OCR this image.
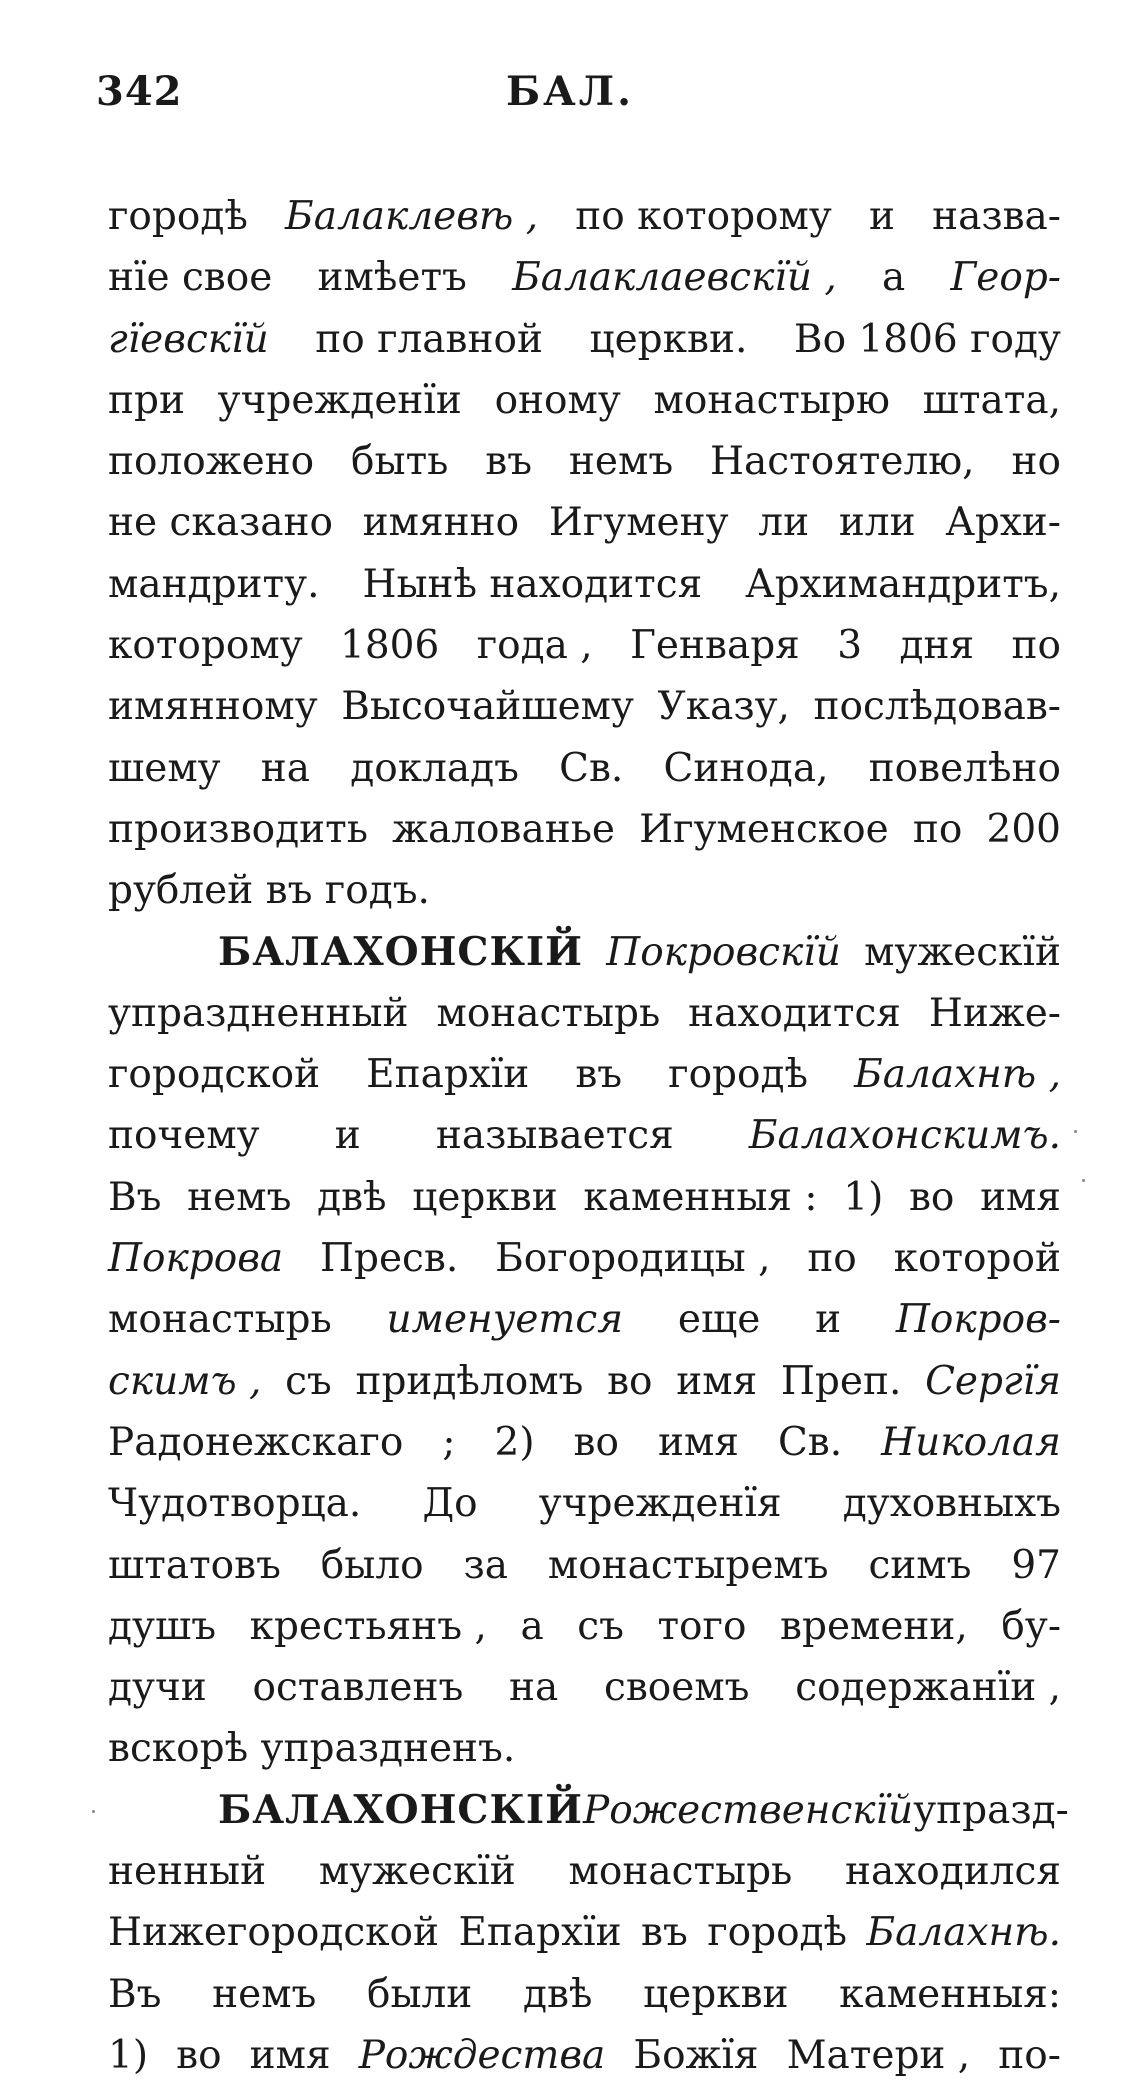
342	БАЛ.
городѣ Балаклевѣ , по которому и назва-
нїе свое имѣетъ Балаклаевскїй , а Геор-
гїевскїй по главной церкви. Во 1806 году
при учрежденїи оному монастырю штата,
положено быть въ немъ Настоятелю, но
не сказано имянно Игумену ли или Архи-
мандриту. Нынѣ находится Архимандритъ,
которому 1806 года , Генваря 3 дня по
имянному Высочайшему Указу, послѣдовав-
шему на докладъ Св. Синода, повелѣно
производить жалованье Игуменское по 200
рублей въ годъ.
БАЛАХОНСКIЙ Покровскїй мужескїй
упраздненный монастырь находится Ниже-
городской Епархїи въ городѣ Балахнѣ ,
почему и называется Балахонскимъ.
Въ немъ двѣ церкви каменныя : 1) во имя
Покрова Пресв. Богородицы , по которой
монастырь именуется еще и Покров-
скимъ , съ придѣломъ во имя Преп. Сергїя
Радонежскаго ; 2) во имя Св. Николая
Чудотворца. До учрежденїя духовныхъ
штатовъ было за монастыремъ симъ 97
душъ крестьянъ , а съ того времени, бу-
дучи оставленъ на своемъ содержанїи ,
вскорѣ упраздненъ.
БАЛАХОНСКIЙ Рожественскїй упразд-
ненный мужескїй монастырь находился
Нижегородской Епархїи въ городѣ Балахнѣ.
Въ немъ были двѣ церкви каменныя:
1) во имя Рождества Божїя Матери , по-
